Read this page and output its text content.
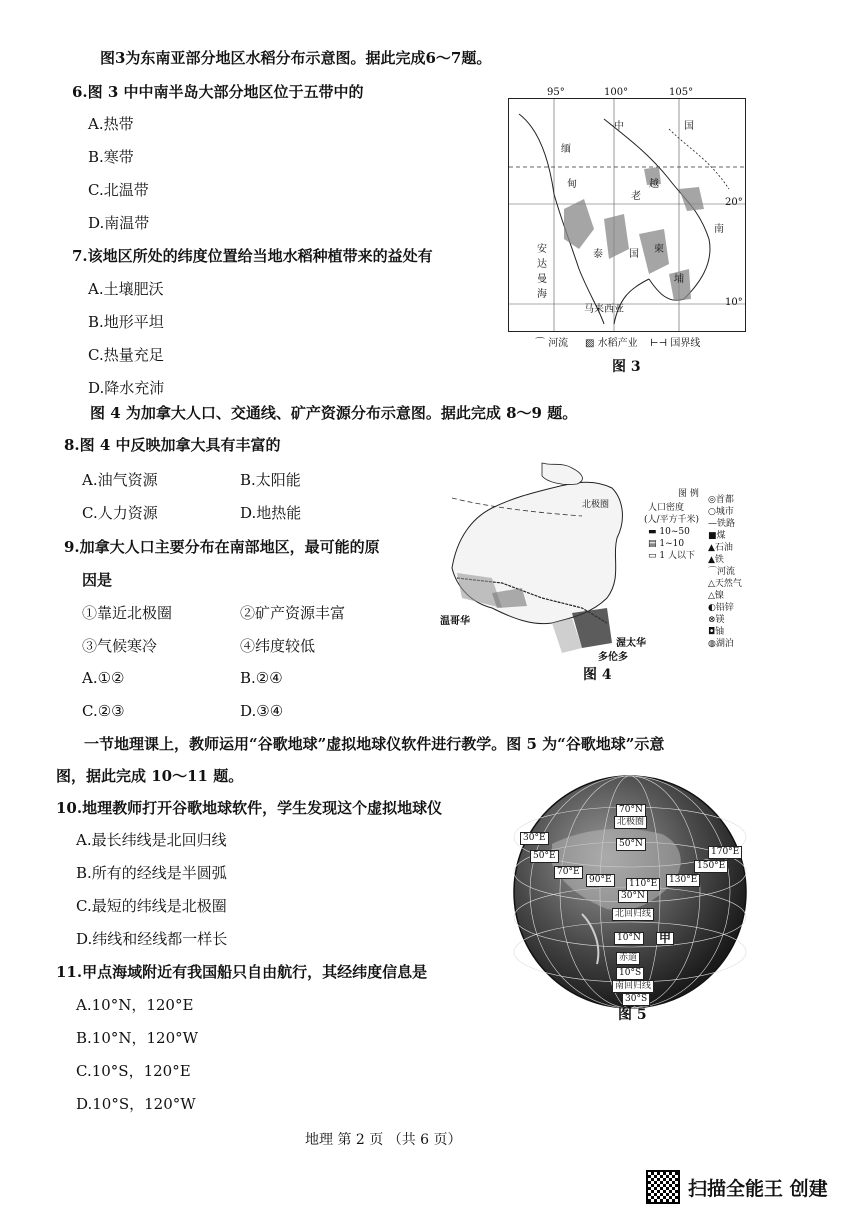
图3为东南亚部分地区水稻分布示意图。据此完成6～7题。
6.图 3 中中南半岛大部分地区位于五带中的
A.热带
B.寒带
C.北温带
D.南温带
7.该地区所处的纬度位置给当地水稻种植带来的益处有
A.土壤肥沃
B.地形平坦
C.热量充足
D.降水充沛
95°	100°	105°
20°
10°
中	国
缅
甸
老
越
泰	国 柬
埔
南
安
达
曼
海
马来西亚
⌒ 河流 ▨ 水稻产业 ⊢⊣ 国界线
图 3
图 4 为加拿大人口、交通线、矿产资源分布示意图。据此完成 8～9 题。
8.图 4 中反映加拿大具有丰富的
A.油气资源	B.太阳能
C.人力资源	D.地热能
9.加拿大人口主要分布在南部地区，最可能的原
因是
①靠近北极圈	②矿产资源丰富
③气候寒冷	④纬度较低
A.①②	B.②④
C.②③	D.③④
北极圈
温哥华
渥太华
多伦多
图 例
人口密度
(人/平方千米)
▬ 10~50
▤ 1~10
▭ 1 人以下
◎首都
○城市
—铁路
■煤
▲石油
▲铁
⌒河流
△天然气
△镍
◐铅锌
⊗镁
◘铀
◍湖泊
图 4
一节地理课上，教师运用“谷歌地球”虚拟地球仪软件进行教学。图 5 为“谷歌地球”示意
图，据此完成 10～11 题。
10.地理教师打开谷歌地球软件，学生发现这个虚拟地球仪
A.最长纬线是北回归线
B.所有的经线是半圆弧
C.最短的纬线是北极圈
D.纬线和经线都一样长
11.甲点海域附近有我国船只自由航行，其经纬度信息是
A.10°N，120°E
B.10°N，120°W
C.10°S，120°E
D.10°S，120°W
70°N
北极圈
30°E
50°E
50°N
70°E
90°E	110°E	130°E
150°E
170°E
30°N
北回归线
10°N 甲
赤道
10°S
南回归线
30°S
图 5
地理 第 2 页 （共 6 页）
扫描全能王 创建
